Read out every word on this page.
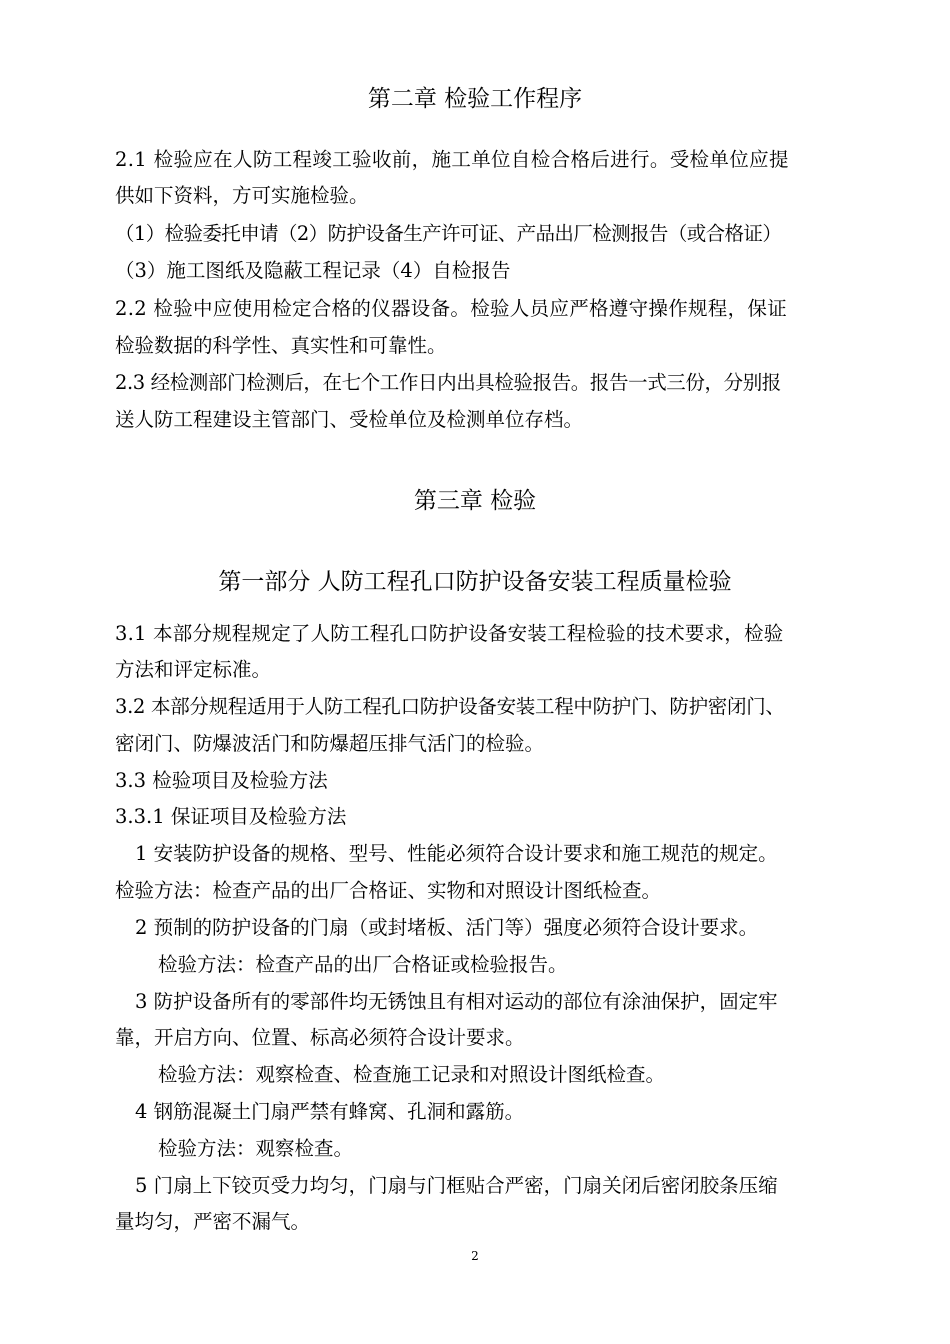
第二章 检验工作程序
2.1 检验应在人防工程竣工验收前，施工单位自检合格后进行。受检单位应提
供如下资料，方可实施检验。
（1）检验委托申请（2）防护设备生产许可证、产品出厂检测报告（或合格证）
（3）施工图纸及隐蔽工程记录（4）自检报告
2.2 检验中应使用检定合格的仪器设备。检验人员应严格遵守操作规程，保证
检验数据的科学性、真实性和可靠性。
2.3 经检测部门检测后，在七个工作日内出具检验报告。报告一式三份，分别报
送人防工程建设主管部门、受检单位及检测单位存档。
第三章 检验
第一部分 人防工程孔口防护设备安装工程质量检验
3.1 本部分规程规定了人防工程孔口防护设备安装工程检验的技术要求，检验
方法和评定标准。
3.2 本部分规程适用于人防工程孔口防护设备安装工程中防护门、防护密闭门、
密闭门、防爆波活门和防爆超压排气活门的检验。
3.3 检验项目及检验方法
3.3.1 保证项目及检验方法
1 安装防护设备的规格、型号、性能必须符合设计要求和施工规范的规定。
检验方法：检查产品的出厂合格证、实物和对照设计图纸检查。
2 预制的防护设备的门扇（或封堵板、活门等）强度必须符合设计要求。
检验方法：检查产品的出厂合格证或检验报告。
3 防护设备所有的零部件均无锈蚀且有相对运动的部位有涂油保护，固定牢
靠，开启方向、位置、标高必须符合设计要求。
检验方法：观察检查、检查施工记录和对照设计图纸检查。
4 钢筋混凝土门扇严禁有蜂窝、孔洞和露筋。
检验方法：观察检查。
5 门扇上下铰页受力均匀，门扇与门框贴合严密，门扇关闭后密闭胶条压缩
量均匀，严密不漏气。
2
